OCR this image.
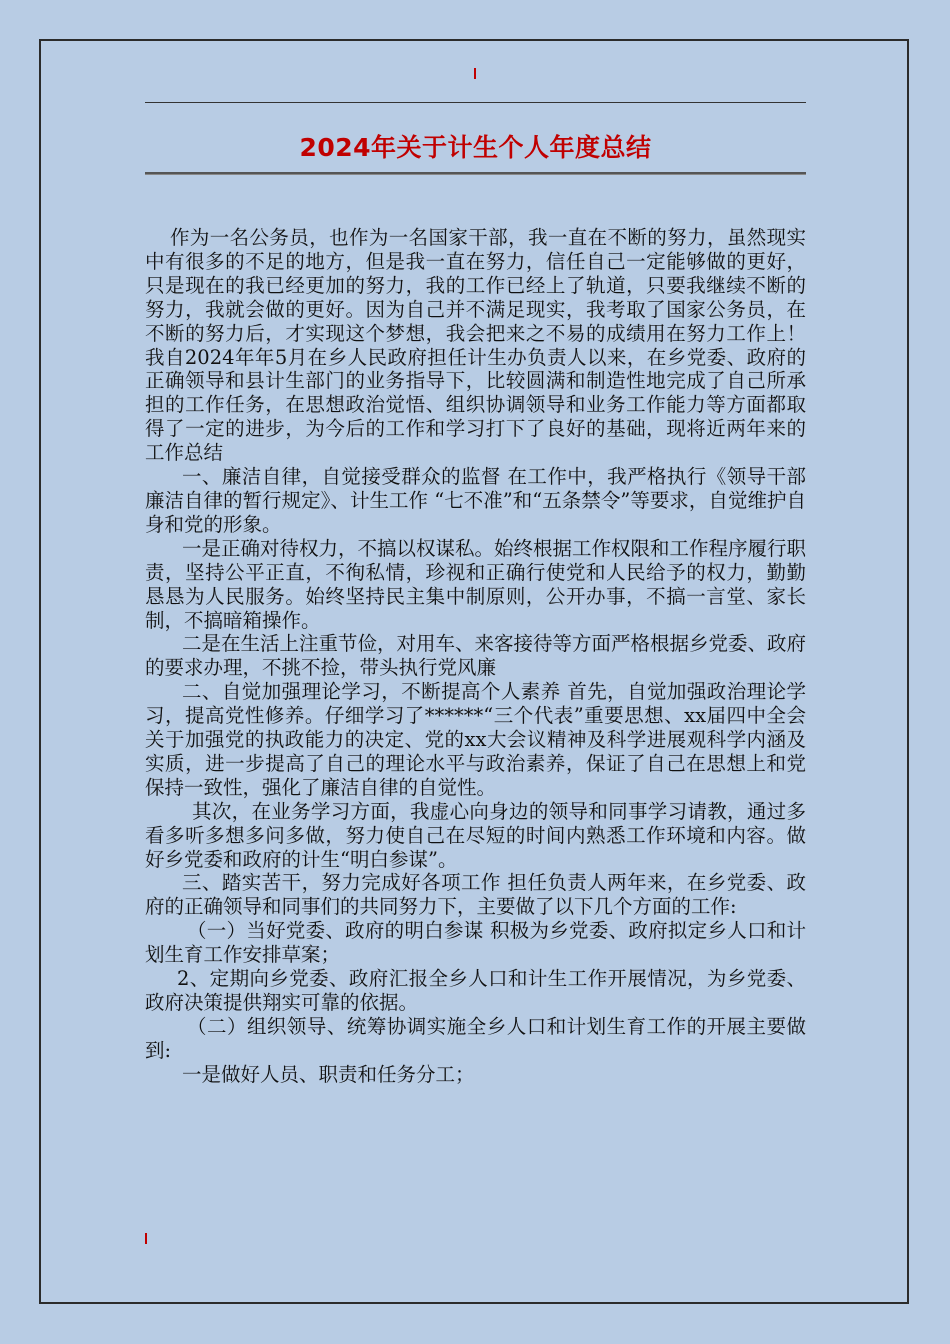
2024年关于计生个人年度总结

作为一名公务员，也作为一名国家干部，我一直在不断的努力，虽然现实中有很多的不足的地方，但是我一直在努力，信任自己一定能够做的更好，只是现在的我已经更加的努力，我的工作已经上了轨道，只要我继续不断的努力，我就会做的更好。因为自己并不满足现实，我考取了国家公务员，在不断的努力后，才实现这个梦想，我会把来之不易的成绩用在努力工作上！ 我自2024年年5月在乡人民政府担任计生办负责人以来，在乡党委、政府的正确领导和县计生部门的业务指导下，比较圆满和制造性地完成了自己所承担的工作任务，在思想政治觉悟、组织协调领导和业务工作能力等方面都取得了一定的进步，为今后的工作和学习打下了良好的基础，现将近两年来的工作总结

一、廉洁自律，自觉接受群众的监督 在工作中，我严格执行《领导干部廉洁自律的暂行规定》、计生工作 “七不准”和“五条禁令”等要求，自觉维护自身和党的形象。

一是正确对待权力，不搞以权谋私。始终根据工作权限和工作程序履行职责，坚持公平正直，不徇私情，珍视和正确行使党和人民给予的权力，勤勤恳恳为人民服务。始终坚持民主集中制原则，公开办事，不搞一言堂、家长制，不搞暗箱操作。

二是在生活上注重节俭，对用车、来客接待等方面严格根据乡党委、政府的要求办理，不挑不捡，带头执行党风廉

二、自觉加强理论学习，不断提高个人素养 首先，自觉加强政治理论学习，提高党性修养。仔细学习了******“三个代表”重要思想、xx届四中全会关于加强党的执政能力的决定、党的xx大会议精神及科学进展观科学内涵及实质，进一步提高了自己的理论水平与政治素养，保证了自己在思想上和党保持一致性，强化了廉洁自律的自觉性。

其次，在业务学习方面，我虚心向身边的领导和同事学习请教，通过多看多听多想多问多做，努力使自己在尽短的时间内熟悉工作环境和内容。做好乡党委和政府的计生“明白参谋”。

三、踏实苦干，努力完成好各项工作 担任负责人两年来，在乡党委、政府的正确领导和同事们的共同努力下，主要做了以下几个方面的工作:

（一）当好党委、政府的明白参谋 积极为乡党委、政府拟定乡人口和计划生育工作安排草案；

2、定期向乡党委、政府汇报全乡人口和计生工作开展情况，为乡党委、政府决策提供翔实可靠的依据。

（二）组织领导、统筹协调实施全乡人口和计划生育工作的开展主要做到:

一是做好人员、职责和任务分工；
